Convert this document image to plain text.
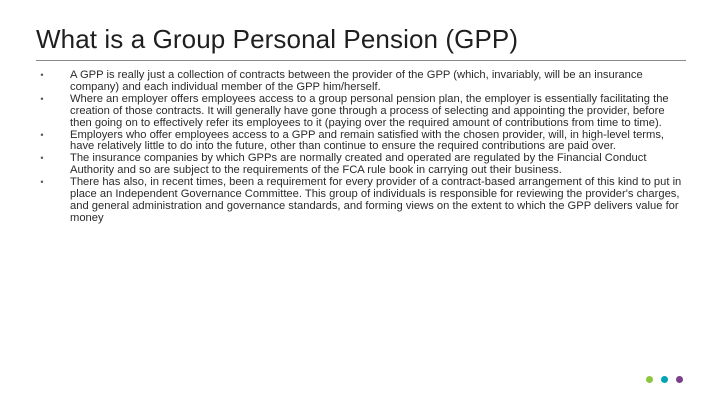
What is a Group Personal Pension (GPP)
•	A GPP is really just a collection of contracts between the provider of the GPP (which, invariably, will be an insurance company) and each individual member of the GPP him/herself.
•	Where an employer offers employees access to a group personal pension plan, the employer is essentially facilitating the creation of those contracts. It will generally have gone through a process of selecting and appointing the provider, before then going on to effectively refer its employees to it (paying over the required amount of contributions from time to time).
•	Employers who offer employees access to a GPP and remain satisfied with the chosen provider, will, in high-level terms, have relatively little to do into the future, other than continue to ensure the required contributions are paid over.
•	The insurance companies by which GPPs are normally created and operated are regulated by the Financial Conduct Authority and so are subject to the requirements of the FCA rule book in carrying out their business.
•	There has also, in recent times, been a requirement for every provider of a contract-based arrangement of this kind to put in place an Independent Governance Committee. This group of individuals is responsible for reviewing the provider's charges, and general administration and governance standards, and forming views on the extent to which the GPP delivers value for money
